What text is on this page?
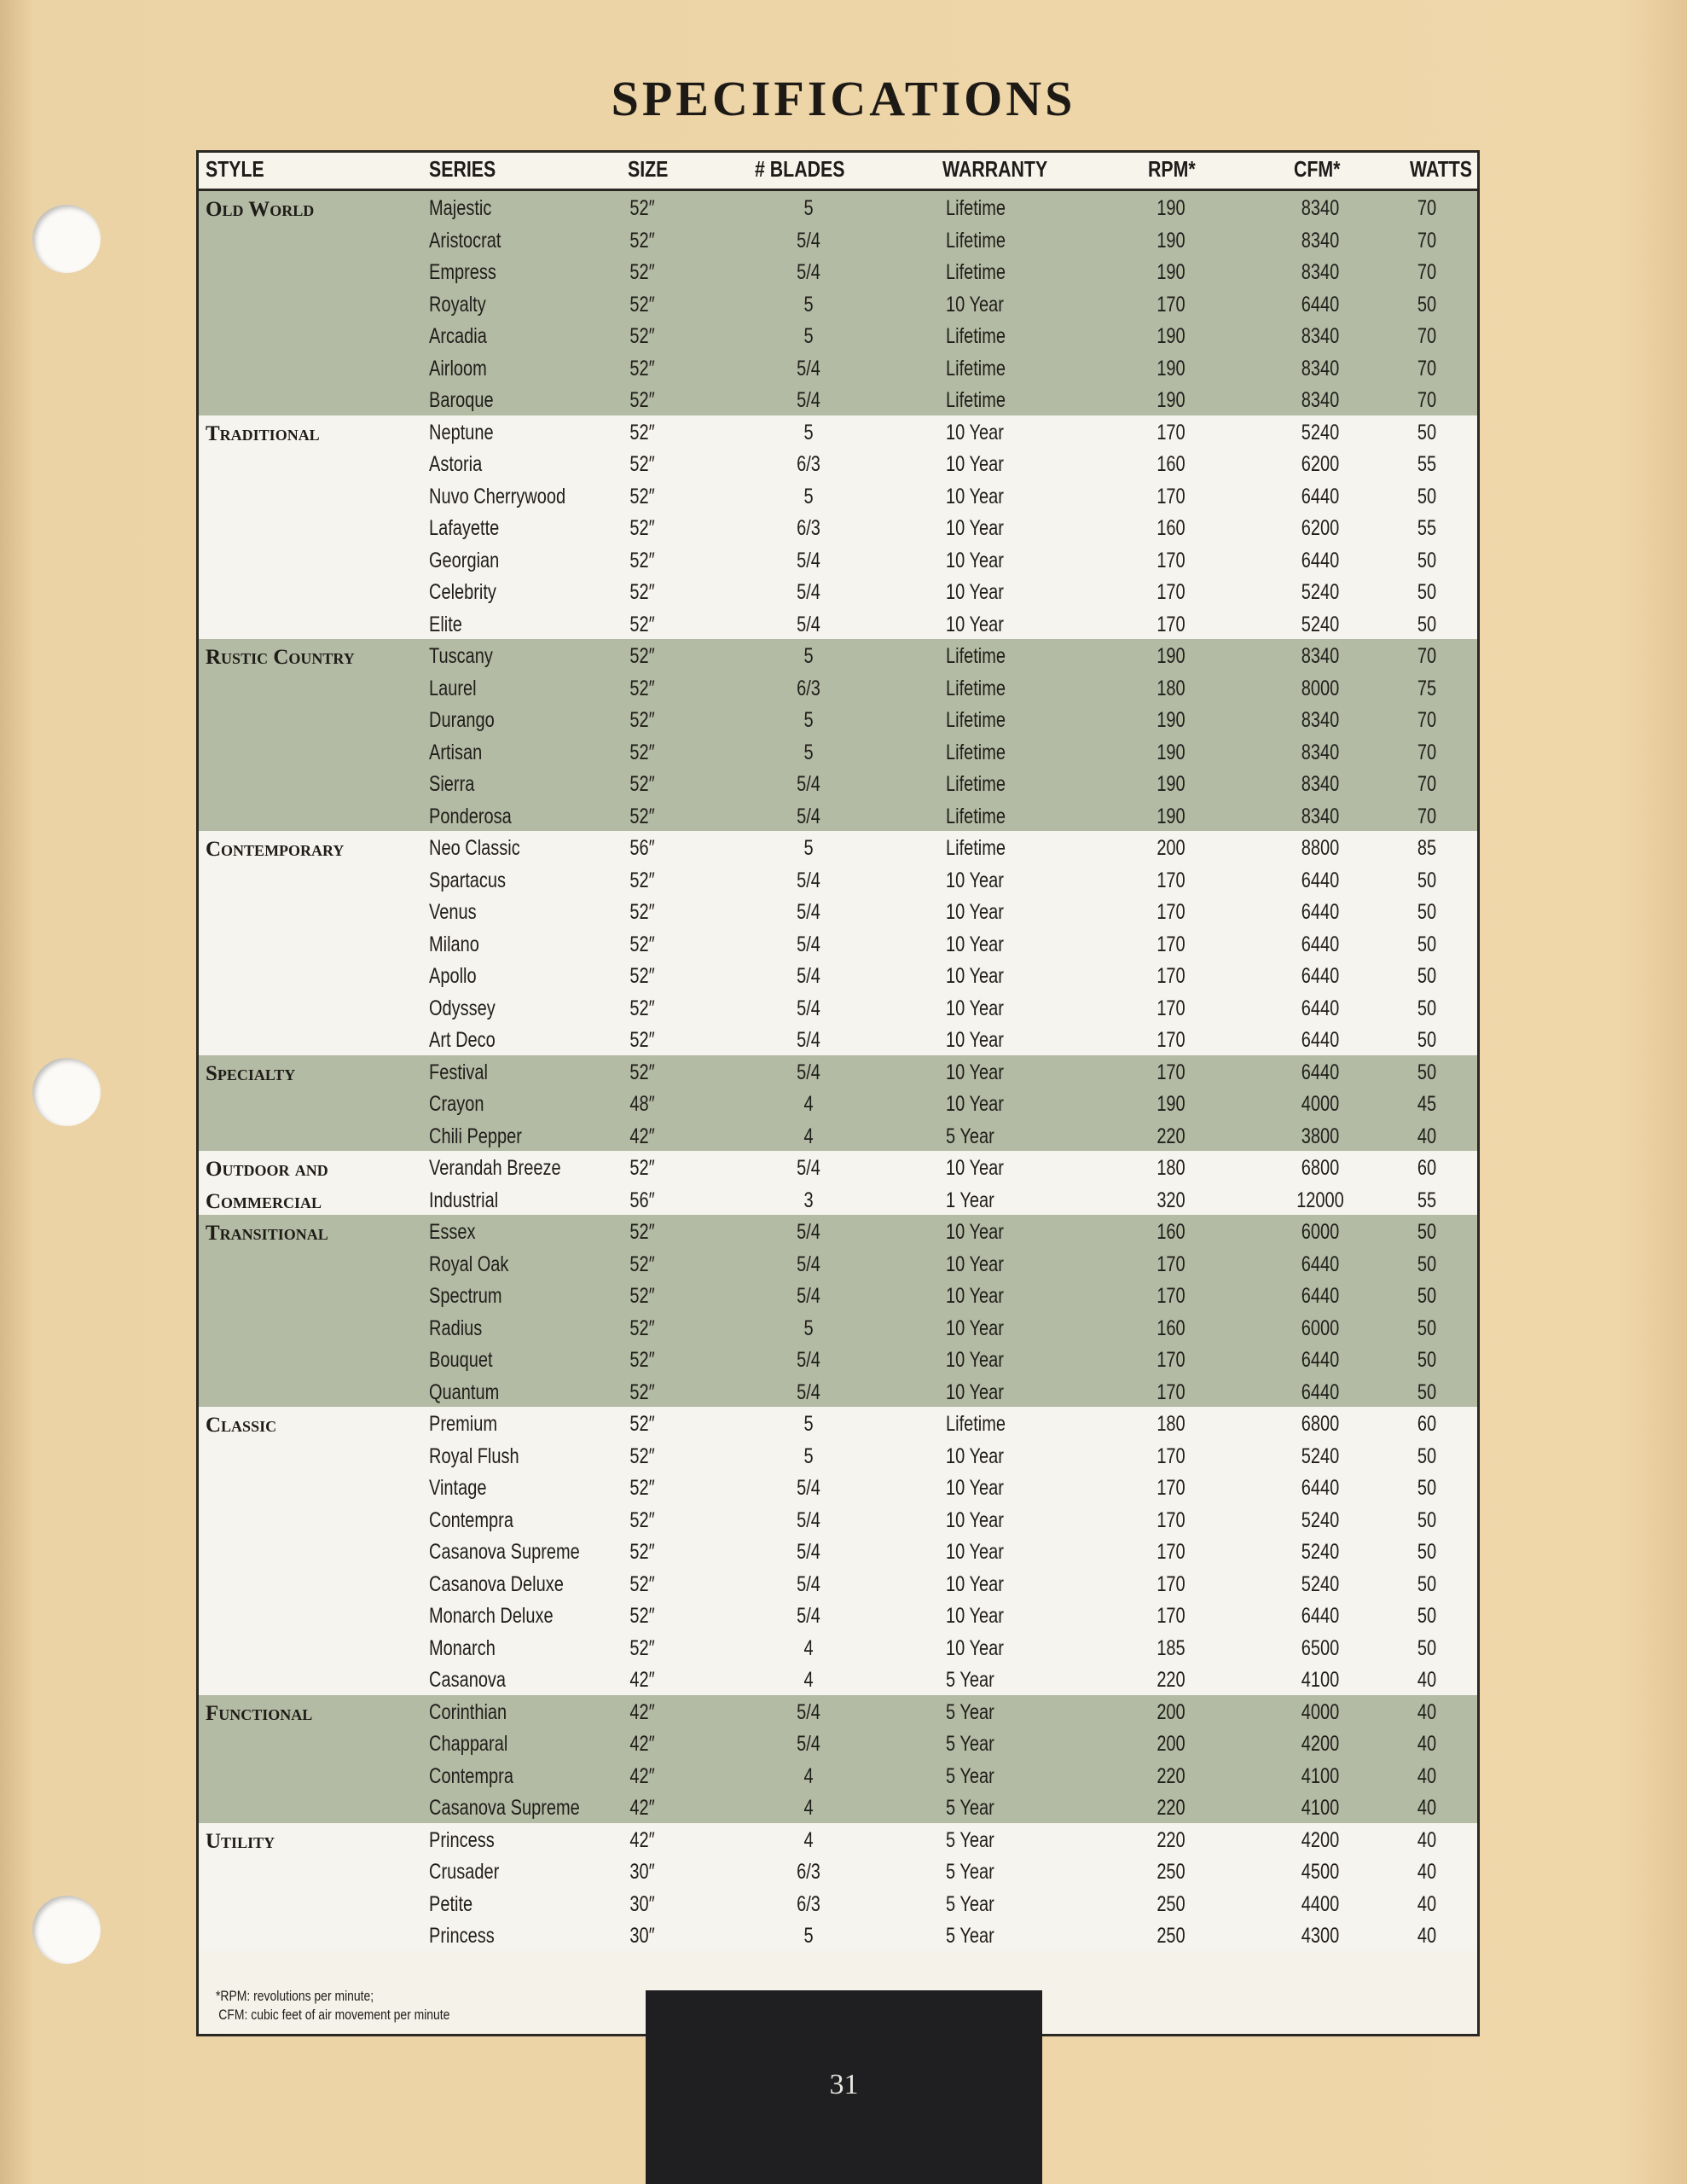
SPECIFICATIONS
STYLE	SERIES	SIZE	# BLADES	WARRANTY	RPM*	CFM*	WATTS
Old World	Majestic	52″	5	Lifetime	190	8340	70
Aristocrat	52″	5/4	Lifetime	190	8340	70
Empress	52″	5/4	Lifetime	190	8340	70
Royalty	52″	5	10 Year	170	6440	50
Arcadia	52″	5	Lifetime	190	8340	70
Airloom	52″	5/4	Lifetime	190	8340	70
Baroque	52″	5/4	Lifetime	190	8340	70
Traditional	Neptune	52″	5	10 Year	170	5240	50
Astoria	52″	6/3	10 Year	160	6200	55
Nuvo Cherrywood	52″	5	10 Year	170	6440	50
Lafayette	52″	6/3	10 Year	160	6200	55
Georgian	52″	5/4	10 Year	170	6440	50
Celebrity	52″	5/4	10 Year	170	5240	50
Elite	52″	5/4	10 Year	170	5240	50
Rustic Country	Tuscany	52″	5	Lifetime	190	8340	70
Laurel	52″	6/3	Lifetime	180	8000	75
Durango	52″	5	Lifetime	190	8340	70
Artisan	52″	5	Lifetime	190	8340	70
Sierra	52″	5/4	Lifetime	190	8340	70
Ponderosa	52″	5/4	Lifetime	190	8340	70
Contemporary	Neo Classic	56″	5	Lifetime	200	8800	85
Spartacus	52″	5/4	10 Year	170	6440	50
Venus	52″	5/4	10 Year	170	6440	50
Milano	52″	5/4	10 Year	170	6440	50
Apollo	52″	5/4	10 Year	170	6440	50
Odyssey	52″	5/4	10 Year	170	6440	50
Art Deco	52″	5/4	10 Year	170	6440	50
Specialty	Festival	52″	5/4	10 Year	170	6440	50
Crayon	48″	4	10 Year	190	4000	45
Chili Pepper	42″	4	5 Year	220	3800	40
Outdoor and
Commercial
Verandah Breeze	52″	5/4	10 Year	180	6800	60
Industrial	56″	3	1 Year	320	12000	55
Transitional	Essex	52″	5/4	10 Year	160	6000	50
Royal Oak	52″	5/4	10 Year	170	6440	50
Spectrum	52″	5/4	10 Year	170	6440	50
Radius	52″	5	10 Year	160	6000	50
Bouquet	52″	5/4	10 Year	170	6440	50
Quantum	52″	5/4	10 Year	170	6440	50
Classic	Premium	52″	5	Lifetime	180	6800	60
Royal Flush	52″	5	10 Year	170	5240	50
Vintage	52″	5/4	10 Year	170	6440	50
Contempra	52″	5/4	10 Year	170	5240	50
Casanova Supreme	52″	5/4	10 Year	170	5240	50
Casanova Deluxe	52″	5/4	10 Year	170	5240	50
Monarch Deluxe	52″	5/4	10 Year	170	6440	50
Monarch	52″	4	10 Year	185	6500	50
Casanova	42″	4	5 Year	220	4100	40
Functional	Corinthian	42″	5/4	5 Year	200	4000	40
Chapparal	42″	5/4	5 Year	200	4200	40
Contempra	42″	4	5 Year	220	4100	40
Casanova Supreme	42″	4	5 Year	220	4100	40
Utility	Princess	42″	4	5 Year	220	4200	40
Crusader	30″	6/3	5 Year	250	4500	40
Petite	30″	6/3	5 Year	250	4400	40
Princess	30″	5	5 Year	250	4300	40
*RPM: revolutions per minute;
CFM: cubic feet of air movement per minute
31
